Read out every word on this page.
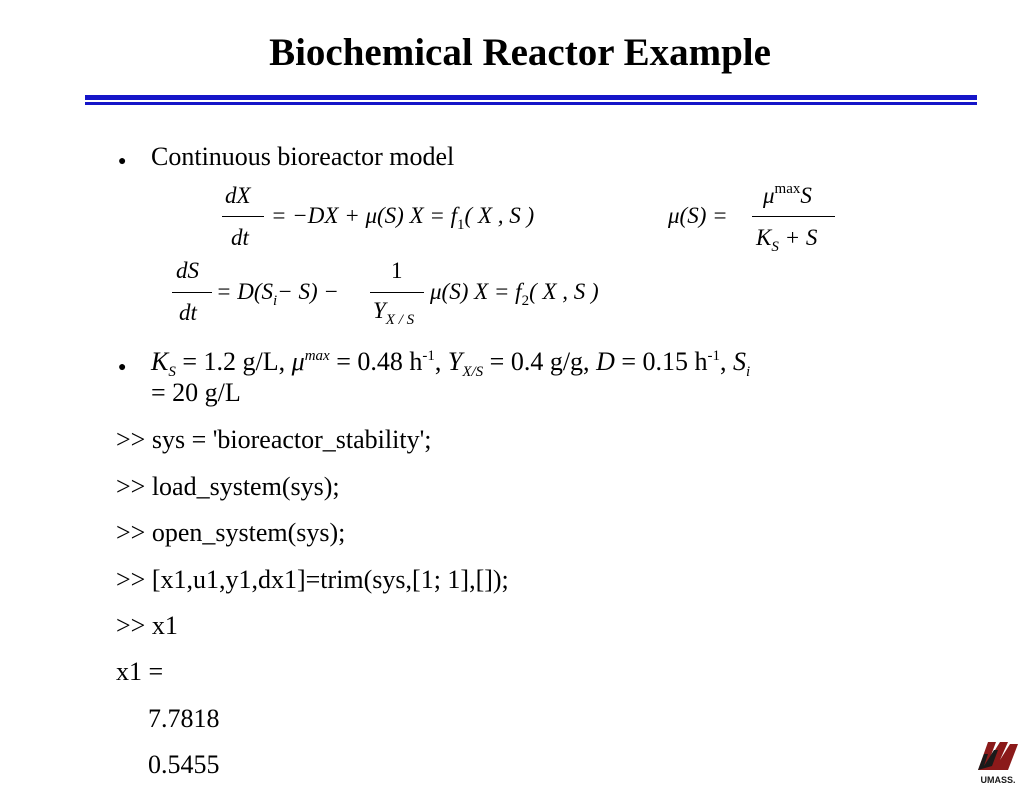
Biochemical Reactor Example
● Continuous bioreactor model
dX
dt
= −DX + μ(S) $X = f_1$( X , S )	μ(S) =
$\mu^{max}S$
$K_S + S$
dS
dt
= $D(S_i- S)$ −
1
$Y_{X / S}$
μ(S) $X = f_2$( X , S )
● $K_S = 1.2$ g/L, $\mu^{max} = 0.48$ $h^{-1}$, $Y_{X/S} = 0.4$ g/g, D = 0.15 $h^{-1}$, $S_i$
= 20 g/L
>> sys = 'bioreactor_stability';
>> load_system(sys);
>> open_system(sys);
>> [x1,u1,y1,dx1]=trim(sys,[1; 1],[]);
>> x1
x1 =
7.7818
0.5455
UMASS.
